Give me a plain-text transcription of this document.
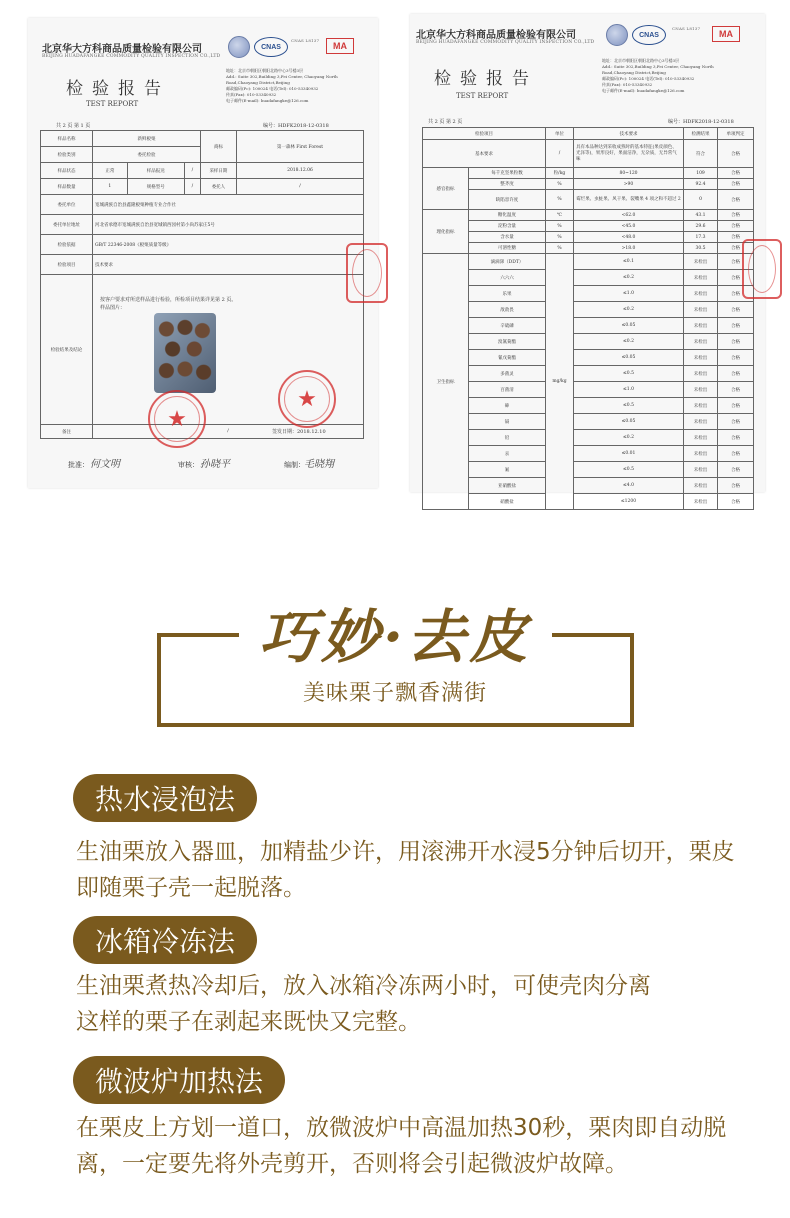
北京华大方科商品质量检验有限公司
BEIJING HUADAFANGKE COMMODITY QUALITY INSPECTION CO.,LTD
CNAS
CNAS L8137
MA
检验报告
TEST REPORT
地址：北京市朝阳区朝阳北路中心3号楼3层
Add.: Suite 302,Building 3,Fei Center, Chaoyang North
Road,Chaoyang District,Beijing
邮政编码(Pc): 100024 电话(Tel): 010-53340932
传真(Fax): 010-53340932
电子邮件(E-mail): huadafangke@126.com
共 2 页 第 1 页	编号：HDFK2018-12-0318
样品名称	新鲜板栗			商标	第一森林 First Forest
检验类别	委托检验				
样品状态	正常	样品报送	/	采样日期	2018.12.06
样品数量	1	规格型号	/	委托人	/
委托单位	宽城满族自治县鑫隆板栗种植专业合作社				
委托单位地址	河北省承德市宽城满族自治县宽城镇西园村第小尚苏家庄5号				
检验依据	GB/T 22346-2008《板栗质量等级》				
检验项目	技术要求				
检验结果及结论					
备注	/				
按客户要求对所送样品进行检验，所检项目结果详见第 2 页。
样品图片：
签发日期：2018.12.10
★
★
批准： 何文明	审核： 孙晓平	编制： 毛晓翔
北京华大方科商品质量检验有限公司
BEIJING HUADAFANGKE COMMODITY QUALITY INSPECTION CO.,LTD
CNAS
CNAS L8137
MA
检验报告
TEST REPORT
地址：北京市朝阳区朝阳北路中心3号楼3层
Add.: Suite 302,Building 3,Fei Center, Chaoyang North
Road,Chaoyang District,Beijing
邮政编码(Pc): 100024 电话(Tel): 010-53340932
传真(Fax): 010-53340932
电子邮件(E-mail): huadafangke@126.com
共 2 页 第 2 页	编号：HDFK2018-12-0318
检验项目		单位	技术要求	检测结果	单项判定
基本要求		/	具有本品种达到采收成熟时的基本特征(果皮颜色、光泽等)，果形良好，果面洁净，无杂质，无异常气味	符合	合格
感官指标	每千克坚果粒数	粒/kg	80~120	109	合格
	整齐度	%	>90	92.4	合格
	缺陷容许度	%	霉烂果、虫蛀果、风干果、裂嘴果 4 项之和不超过 2	0	合格
理化指标	糖化温度	℃	<62.0	43.1	合格
	淀粉含量	%	<45.0	29.6	合格
	含水量	%	<48.0	17.3	合格
	可溶性糖	%	>18.0	30.5	合格
卫生指标	滴滴涕（DDT）	mg/kg	≤0.1	未检出	合格
	六六六		≤0.2	未检出	合格
	乐果		≤1.0	未检出	合格
	敌敌畏		≤0.2	未检出	合格
	辛硫磷		≤0.05	未检出	合格
	溴氰菊酯		≤0.2	未检出	合格
	氰戊菊酯		≤0.05	未检出	合格
	多菌灵		≤0.5	未检出	合格
	百菌清		≤1.0	未检出	合格
	砷		≤0.5	未检出	合格
	镉		≤0.05	未检出	合格
	铅		≤0.2	未检出	合格
	汞		≤0.01	未检出	合格
	氟		≤0.5	未检出	合格
	亚硝酸盐		≤4.0	未检出	合格
	硝酸盐		≤1200	未检出	合格
巧妙·去皮
美味栗子飘香满街
热水浸泡法
生油栗放入器皿，加精盐少许，用滚沸开水浸5分钟后切开，栗皮即随栗子壳一起脱落。
冰箱冷冻法
生油栗煮热冷却后，放入冰箱冷冻两小时，可使壳肉分离
这样的栗子在剥起来既快又完整。
微波炉加热法
在栗皮上方划一道口，放微波炉中高温加热30秒，栗肉即自动脱离，一定要先将外壳剪开，否则将会引起微波炉故障。
